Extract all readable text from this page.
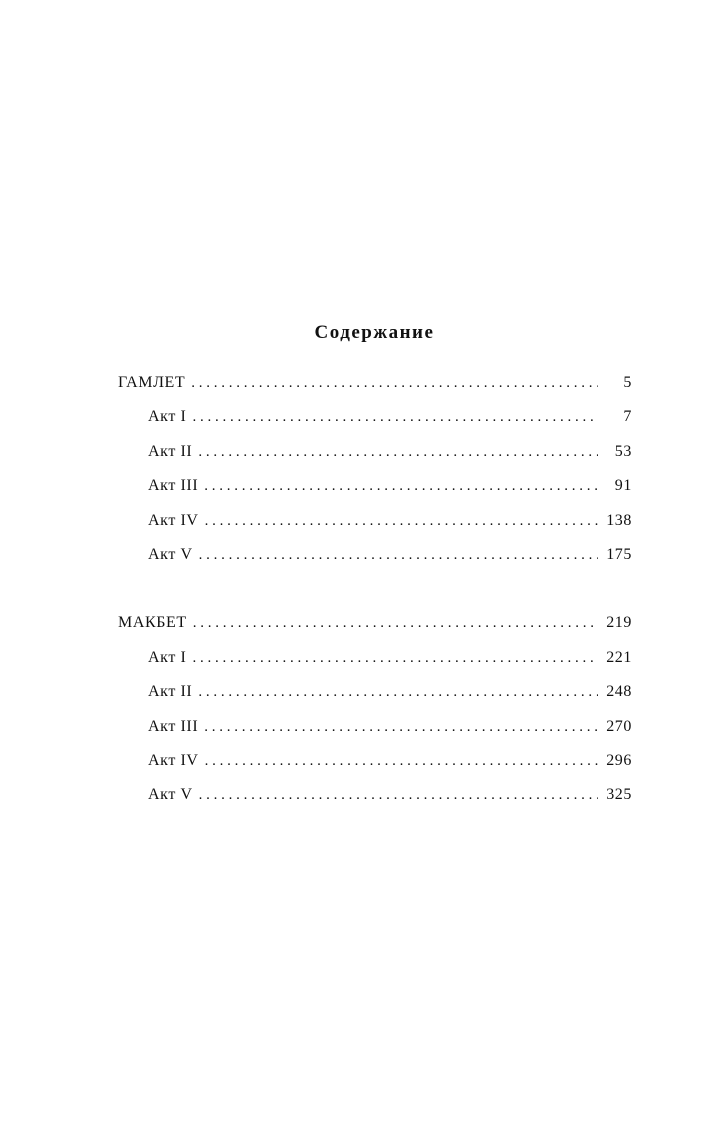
Содержание
ГАМЛЕТ . . .	5
Акт I . . .	7
Акт II . . .	53
Акт III . . .	91
Акт IV . . .	138
Акт V . . .	175
МАКБЕТ . . .	219
Акт I . . .	221
Акт II . . .	248
Акт III . . .	270
Акт IV . . .	296
Акт V . . .	325
